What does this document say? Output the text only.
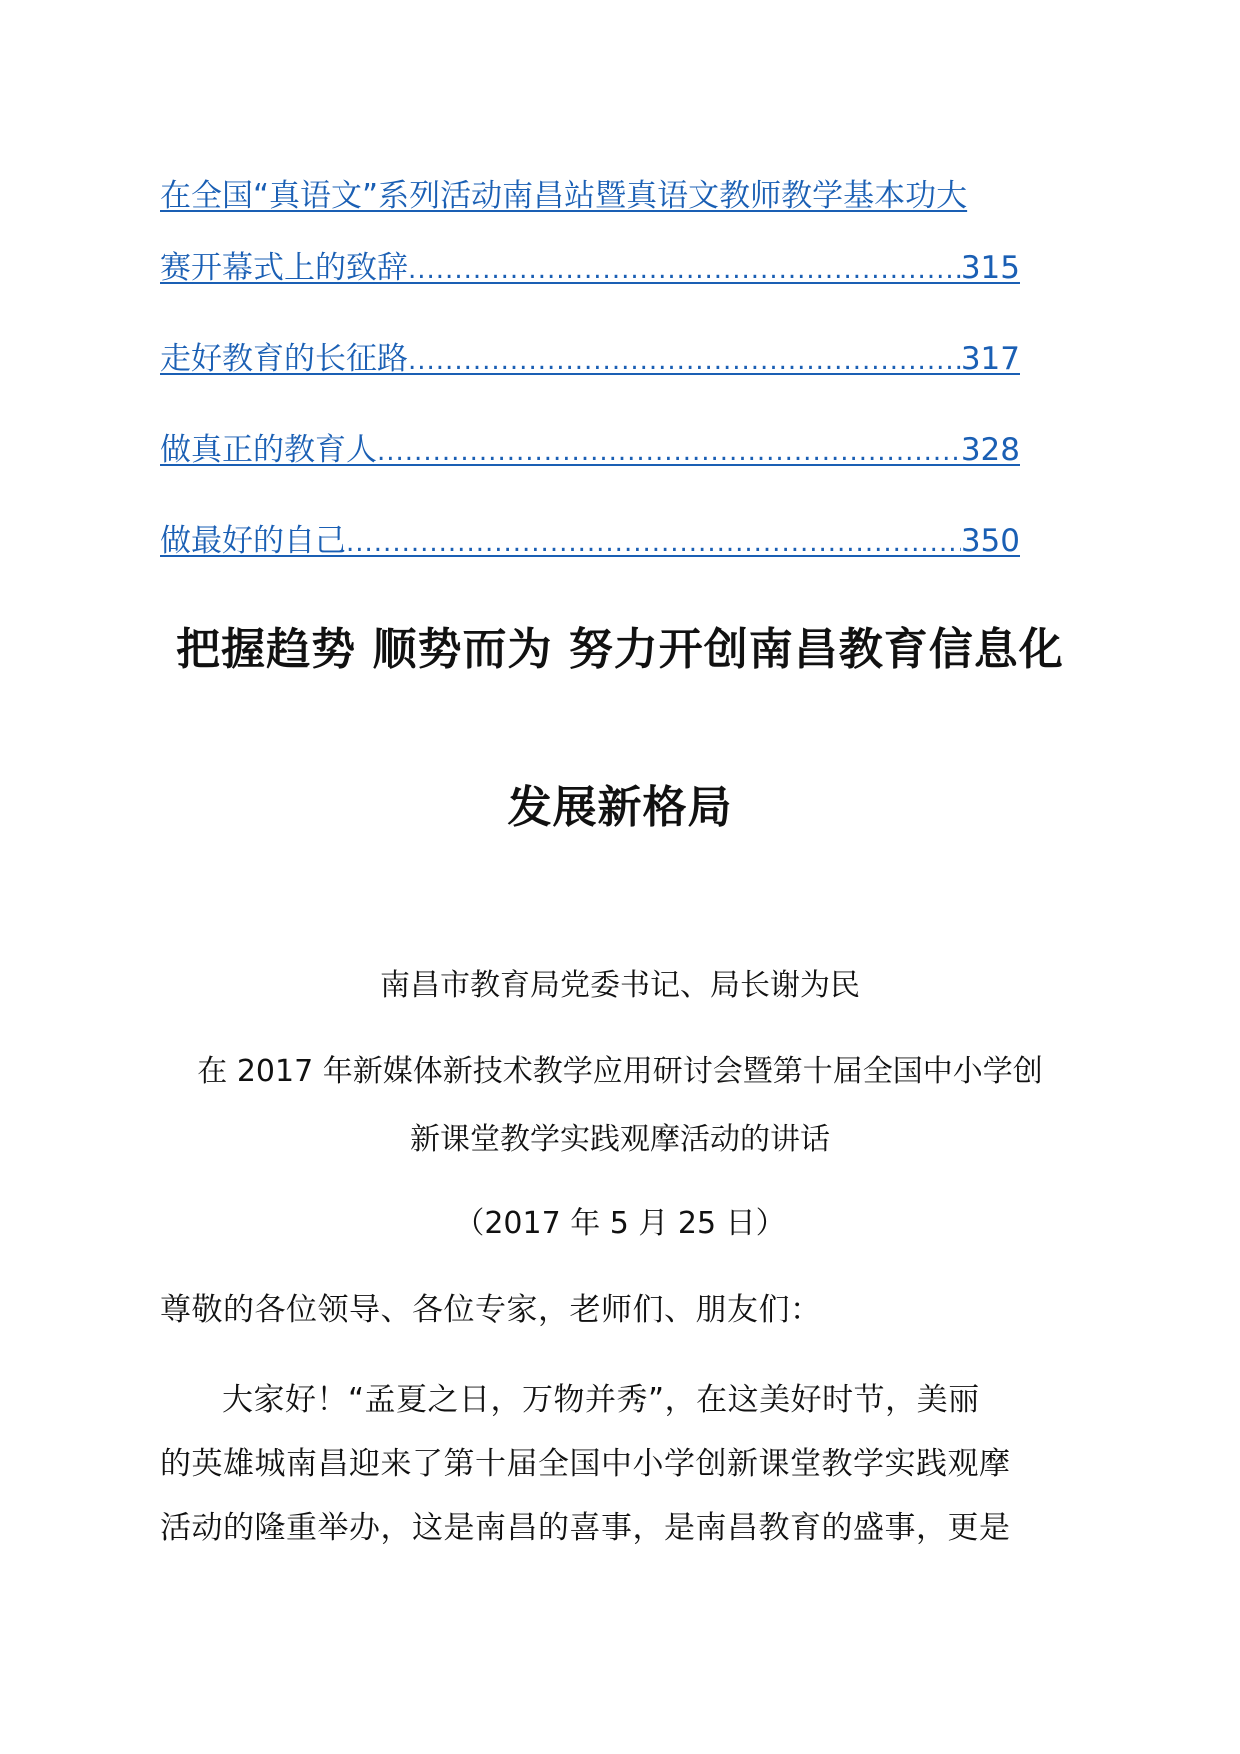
在全国“真语文”系列活动南昌站暨真语文教师教学基本功大
赛开幕式上的致辞 .....	315
走好教育的长征路 .....	317
做真正的教育人 .....	328
做最好的自己 .....	350
把握趋势 顺势而为 努力开创南昌教育信息化
发展新格局
南昌市教育局党委书记、局长谢为民
在 2017 年新媒体新技术教学应用研讨会暨第十届全国中小学创
新课堂教学实践观摩活动的讲话
（2017 年 5 月 25 日）
尊敬的各位领导、各位专家，老师们、朋友们：
大家好！“孟夏之日，万物并秀”，在这美好时节，美丽
的英雄城南昌迎来了第十届全国中小学创新课堂教学实践观摩
活动的隆重举办，这是南昌的喜事，是南昌教育的盛事，更是
